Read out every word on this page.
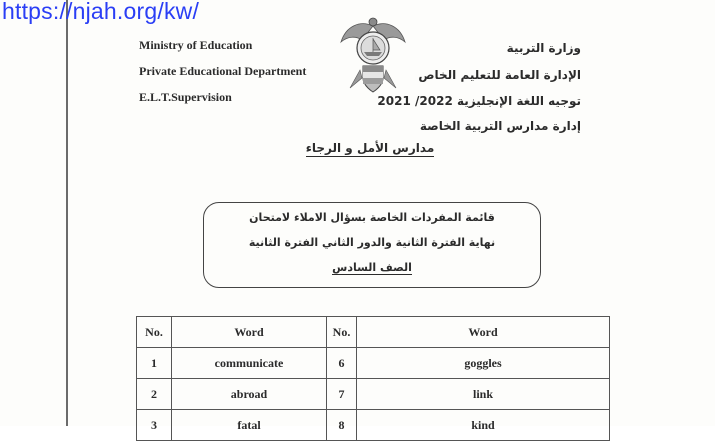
https://njah.org/kw/
Ministry of Education
Private Educational Department
E.L.T.Supervision
وزارة التربية
الإدارة العامة للتعليم الخاص
توجيه اللغة الإنجليزية 2022/ 2021
إدارة مدارس التربية الخاصة
مدارس الأمل و الرجاء
قائمة المفردات الخاصة بسؤال الاملاء لامتحان
نهاية الفترة الثانية والدور الثاني الفترة الثانية
الصف السادس
No.	Word	No.	Word
1	communicate	6	goggles
2	abroad	7	link
3	fatal	8	kind
